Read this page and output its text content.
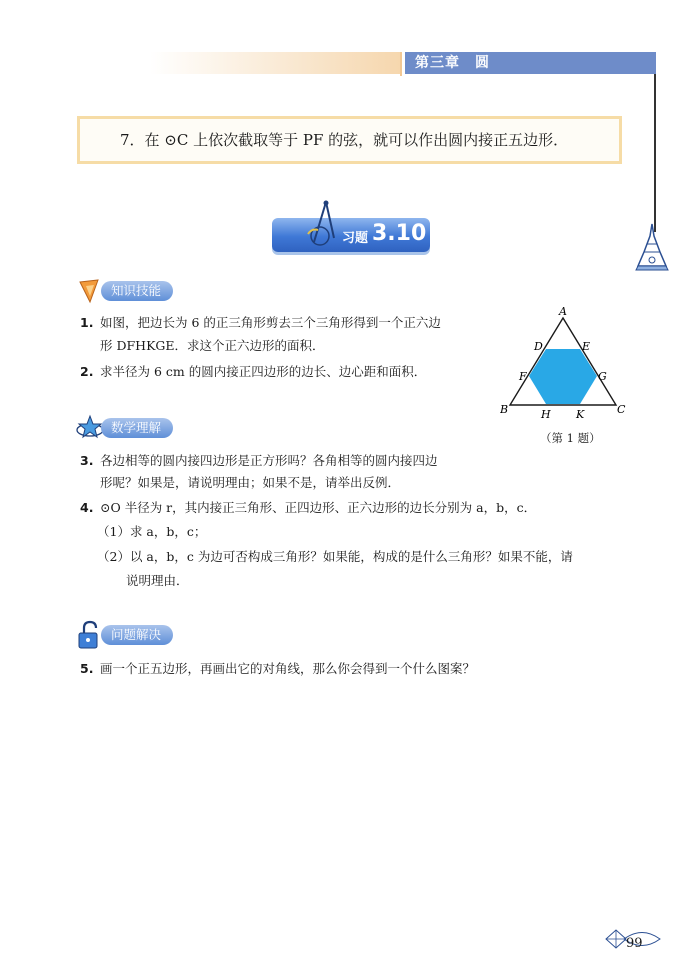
第三章　圆
7．在 ⊙C 上依次截取等于 PF 的弦，就可以作出圆内接正五边形．
习题 3.10
知识技能
1. 如图，把边长为 6 的正三角形剪去三个三角形得到一个正六边
形 DFHKGE．求这个正六边形的面积．
2. 求半径为 6 cm 的圆内接正四边形的边长、边心距和面积．
A
D	E
F	G
B	C
H K
（第 1 题）
数学理解
3. 各边相等的圆内接四边形是正方形吗？各角相等的圆内接四边
形呢？如果是，请说明理由；如果不是，请举出反例．
4. ⊙O 半径为 r，其内接正三角形、正四边形、正六边形的边长分别为 a，b，c．
（1）求 a，b，c；
（2）以 a，b，c 为边可否构成三角形？如果能，构成的是什么三角形？如果不能，请
说明理由．
问题解决
5. 画一个正五边形，再画出它的对角线，那么你会得到一个什么图案？
99
